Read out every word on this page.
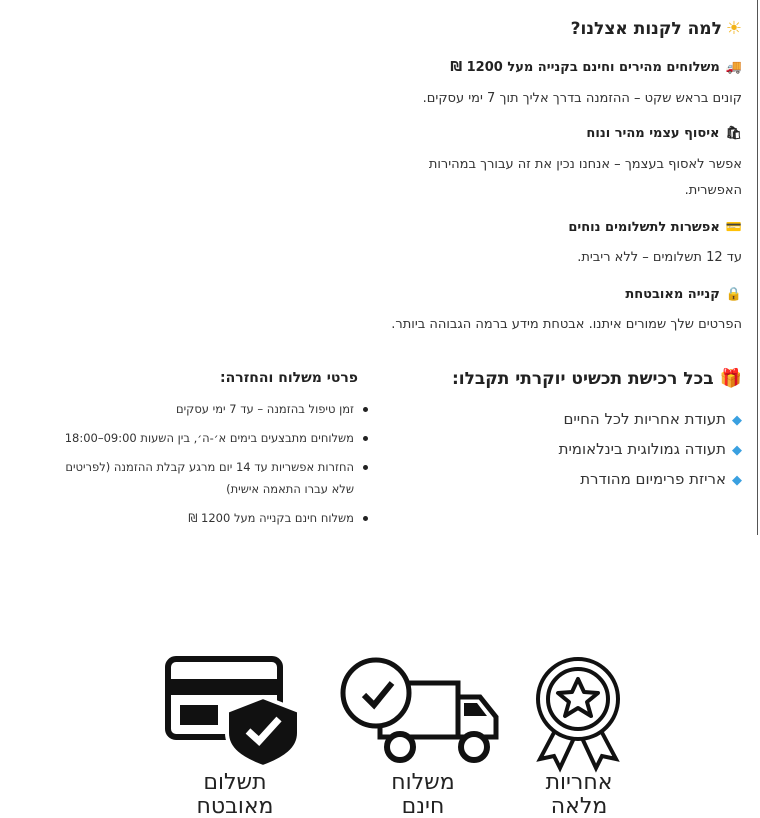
☀למה לקנות אצלנו?
🚚משלוחים מהירים וחינם בקנייה מעל 1200 ₪

קונים בראש שקט – ההזמנה בדרך אליך תוך 7 ימי עסקים.

🛍איסוף עצמי מהיר ונוח

אפשר לאסוף בעצמך – אנחנו נכין את זה עבורך במהירות האפשרית.

💳אפשרות לתשלומים נוחים

עד 12 תשלומים – ללא ריבית.

🔒קנייה מאובטחת

הפרטים שלך שמורים איתנו. אבטחת מידע ברמה הגבוהה ביותר.

🎁בכל רכישת תכשיט יוקרתי תקבלו:
◆תעודת אחריות לכל החיים
◆תעודה גמולוגית בינלאומית
◆אריזת פרימיום מהודרת
פרטי משלוח והחזרה:
זמן טיפול בהזמנה – עד 7 ימי עסקים
משלוחים מתבצעים בימים א׳-ה׳, בין השעות 09:00–18:00
החזרות אפשריות עד 14 יום מרגע קבלת ההזמנה (לפריטים שלא עברו התאמה אישית)
משלוח חינם בקנייה מעל 1200 ₪
תשלום
מאובטח
משלוח
חינם
אחריות
מלאה
